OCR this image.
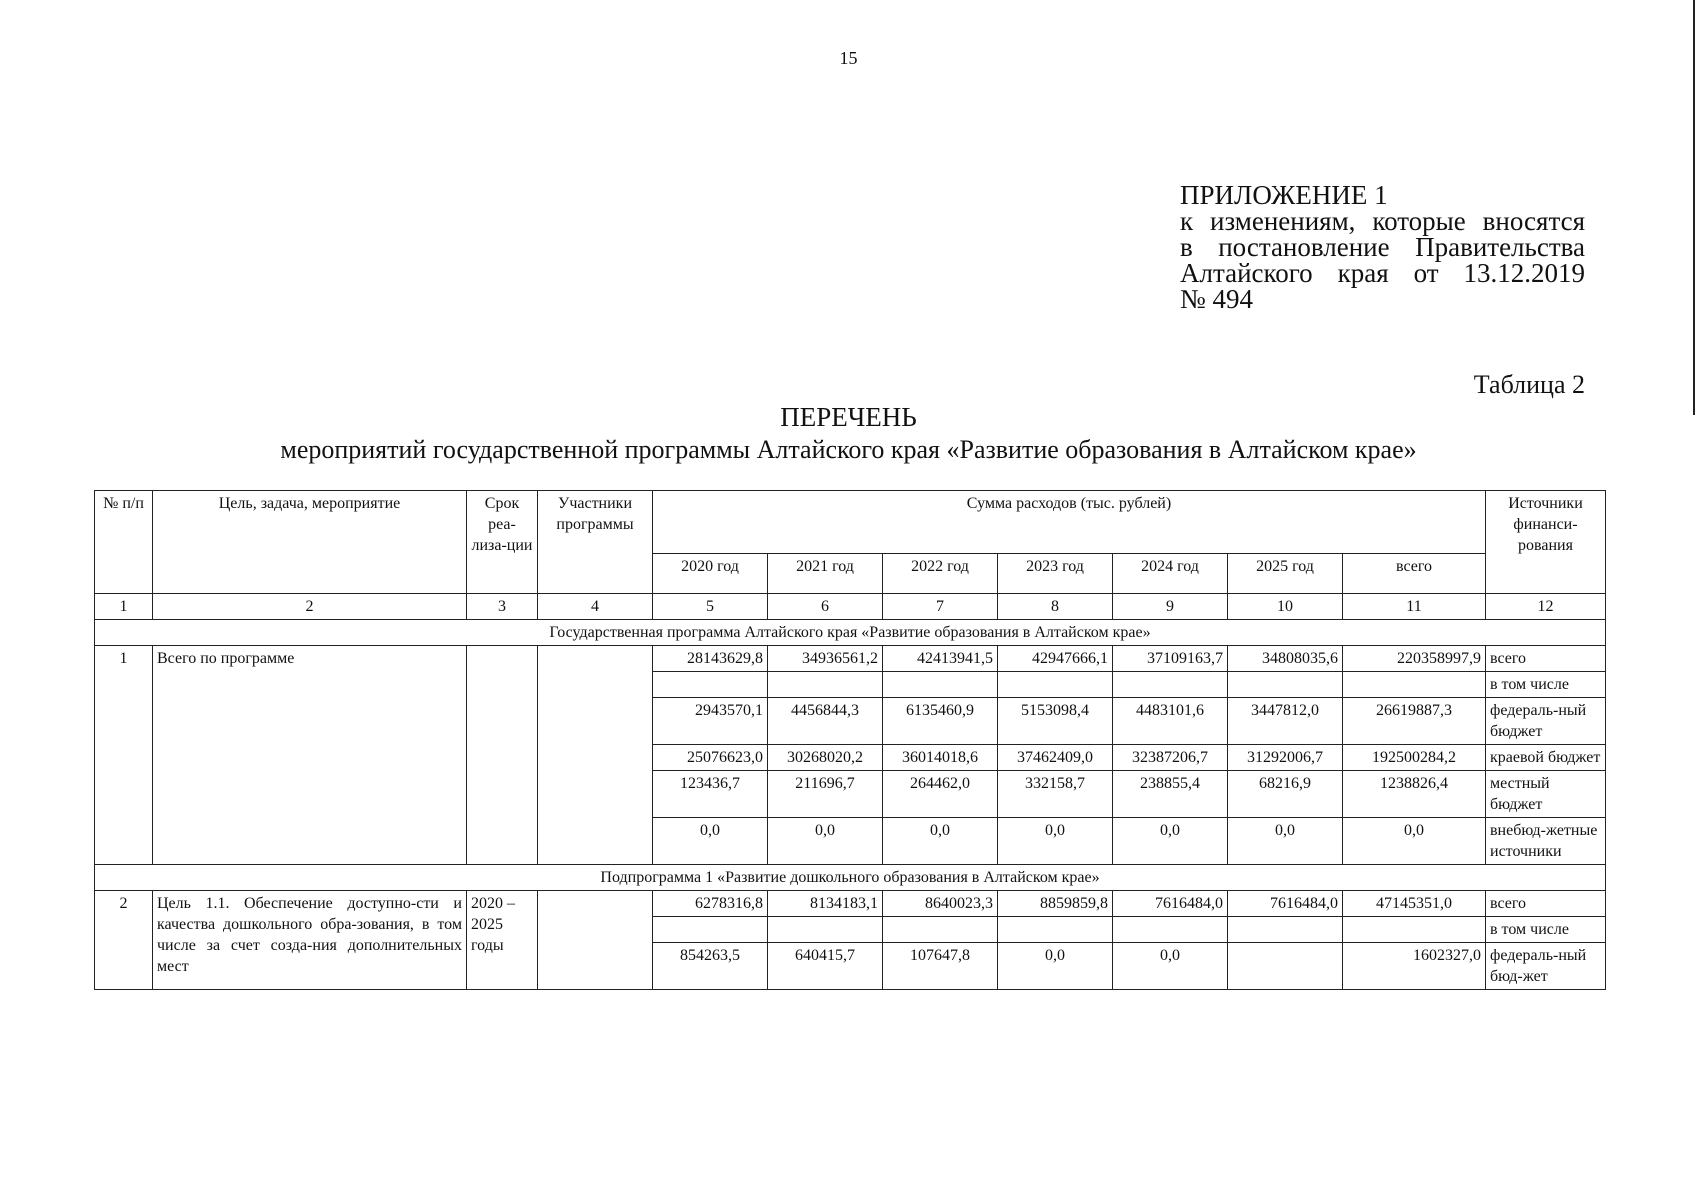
15
ПРИЛОЖЕНИЕ 1
к изменениям, которые вносятся
в постановление Правительства
Алтайского края от 13.12.2019
№ 494
Таблица 2
ПЕРЕЧЕНЬ
мероприятий государственной программы Алтайского края «Развитие образования в Алтайском крае»
№ п/п	Цель, задача, мероприятие	Срок реа-лиза-ции	Участники программы	Сумма расходов (тыс. рублей)							Источники финанси-рования
				2020 год	2021 год	2022 год	2023 год	2024 год	2025 год	всего	
1	2	3	4	5	6	7	8	9	10	11	12
Государственная программа Алтайского края «Развитие образования в Алтайском крае»											
1	Всего по программе			28143629,8	34936561,2	42413941,5	42947666,1	37109163,7	34808035,6	220358997,9	всего
											в том числе
				2943570,1	4456844,3	6135460,9	5153098,4	4483101,6	3447812,0	26619887,3	федераль-ный бюджет
				25076623,0	30268020,2	36014018,6	37462409,0	32387206,7	31292006,7	192500284,2	краевой бюджет
				123436,7	211696,7	264462,0	332158,7	238855,4	68216,9	1238826,4	местный бюджет
				0,0	0,0	0,0	0,0	0,0	0,0	0,0	внебюд-жетные источники
Подпрограмма 1 «Развитие дошкольного образования в Алтайском крае»											
2	Цель 1.1. Обеспечение доступно-сти и качества дошкольного обра-зования, в том числе за счет созда-ния дополнительных мест	2020 – 2025 годы		6278316,8	8134183,1	8640023,3	8859859,8	7616484,0	7616484,0	47145351,0	всего
											в том числе
				854263,5	640415,7	107647,8	0,0	0,0		1602327,0	федераль-ный бюд-жет
